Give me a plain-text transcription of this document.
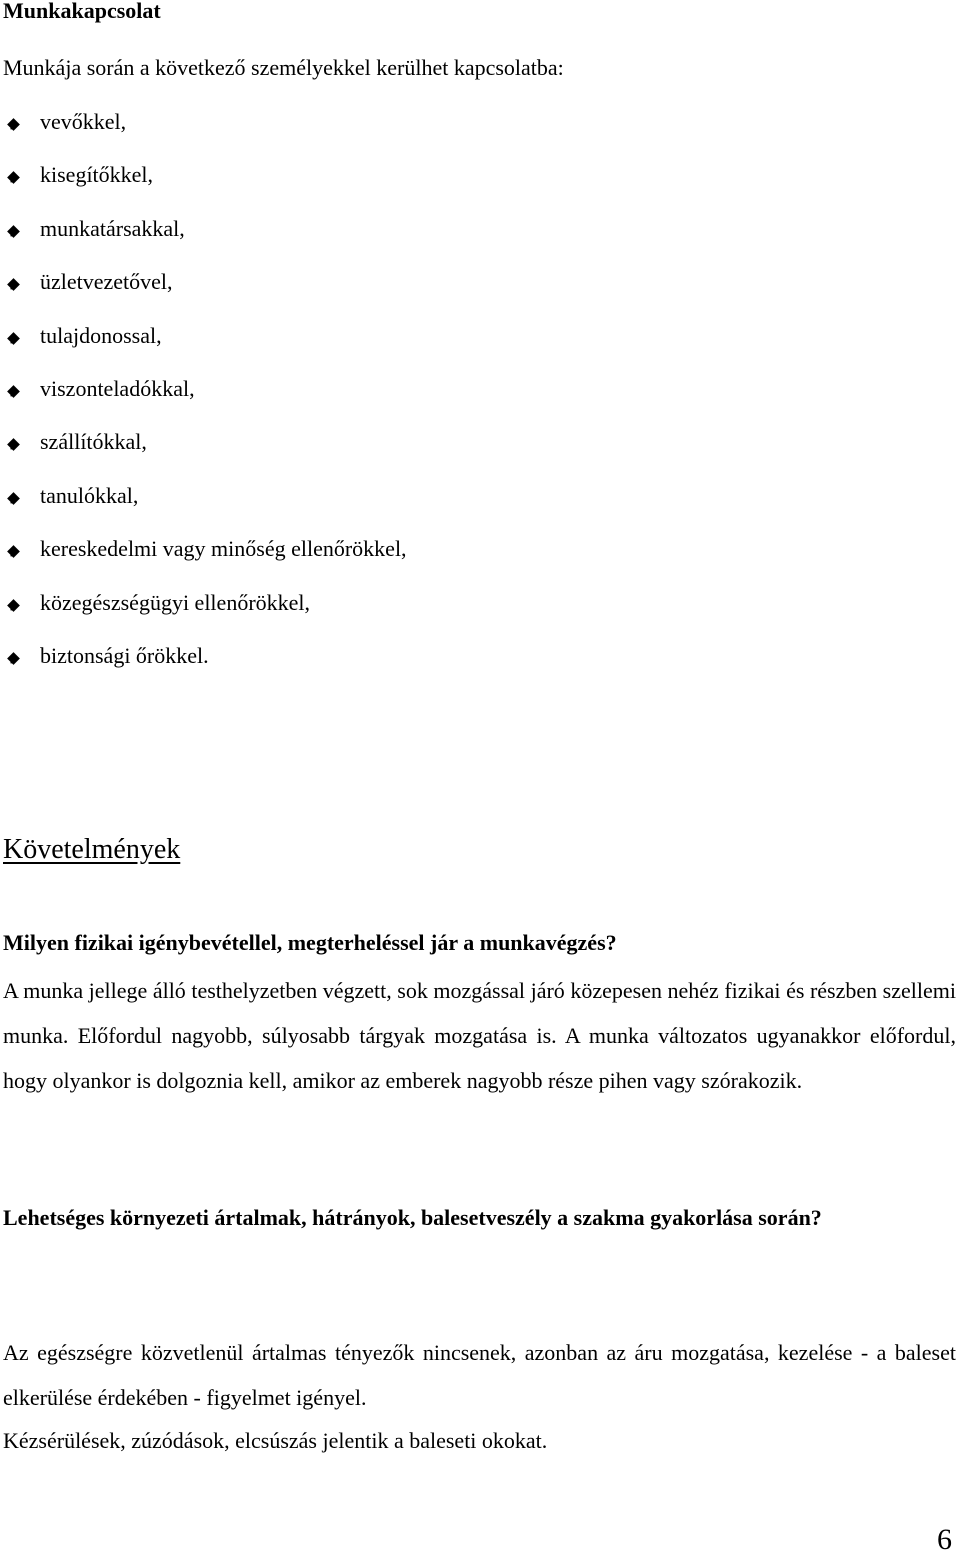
Munkakapcsolat
Munkája során a következő személyekkel kerülhet kapcsolatba:
vevőkkel,
kisegítőkkel,
munkatársakkal,
üzletvezetővel,
tulajdonossal,
viszonteladókkal,
szállítókkal,
tanulókkal,
kereskedelmi vagy minőség ellenőrökkel,
közegészségügyi ellenőrökkel,
biztonsági őrökkel.
Követelmények
Milyen fizikai igénybevétellel, megterheléssel jár a munkavégzés?
A munka jellege álló testhelyzetben végzett, sok mozgással járó közepesen nehéz fizikai és részben szellemi munka. Előfordul nagyobb, súlyosabb tárgyak mozgatása is. A munka változatos ugyanakkor előfordul, hogy olyankor is dolgoznia kell, amikor az emberek nagyobb része pihen vagy szórakozik.
Lehetséges környezeti ártalmak, hátrányok, balesetveszély a szakma gyakorlása során?
Az egészségre közvetlenül ártalmas tényezők nincsenek, azonban az áru mozgatása, kezelése - a baleset elkerülése érdekében - figyelmet igényel.
Kézsérülések, zúzódások, elcsúszás jelentik a baleseti okokat.
6
